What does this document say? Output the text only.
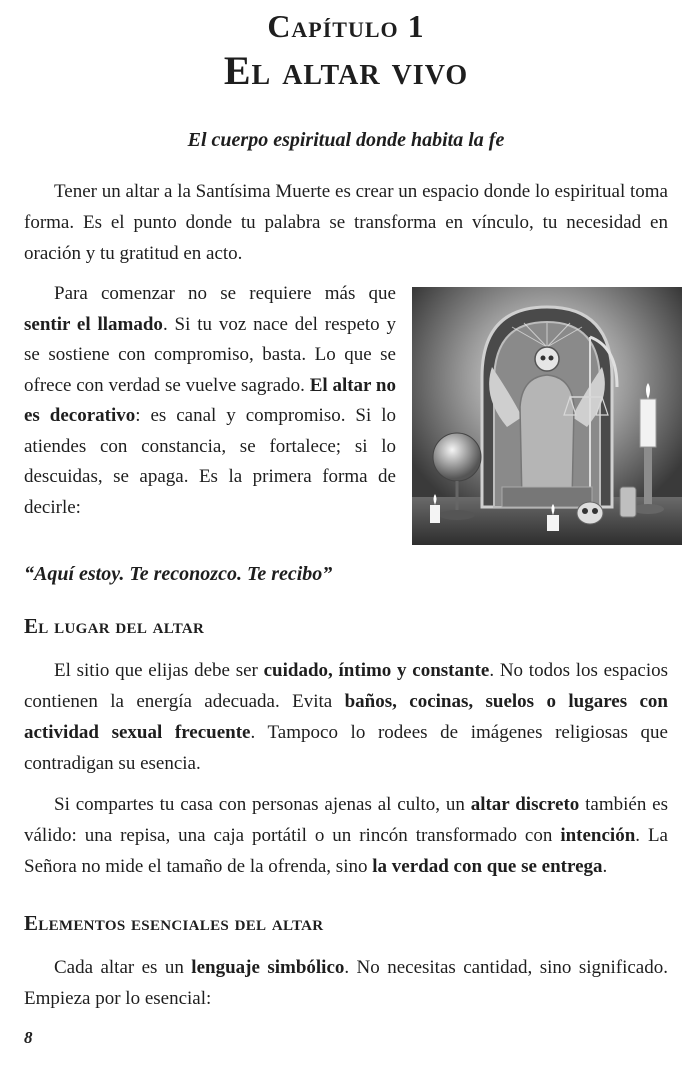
Capítulo 1
El altar vivo
El cuerpo espiritual donde habita la fe

Tener un altar a la Santísima Muerte es crear un espacio donde lo espiritual toma forma. Es el punto donde tu palabra se transforma en vínculo, tu necesidad en oración y tu gratitud en acto.

Para comenzar no se requiere más que sentir el llamado. Si tu voz nace del respeto y se sostiene con compromiso, basta. Lo que se ofrece con verdad se vuelve sagrado. El altar no es decorativo: es canal y compromiso. Si lo atiendes con constancia, se fortalece; si lo descuidas, se apaga. Es la primera forma de decirle:

“Aquí estoy. Te reconozco. Te recibo”
El lugar del altar

El sitio que elijas debe ser cuidado, íntimo y constante. No todos los espacios contienen la energía adecuada. Evita baños, cocinas, suelos o lugares con actividad sexual frecuente. Tampoco lo rodees de imágenes religiosas que contradigan su esencia.

Si compartes tu casa con personas ajenas al culto, un altar discreto también es válido: una repisa, una caja portátil o un rincón transformado con intención. La Señora no mide el tamaño de la ofrenda, sino la verdad con que se entrega.

Elementos esenciales del altar

Cada altar es un lenguaje simbólico. No necesitas cantidad, sino significado. Empieza por lo esencial:

8
